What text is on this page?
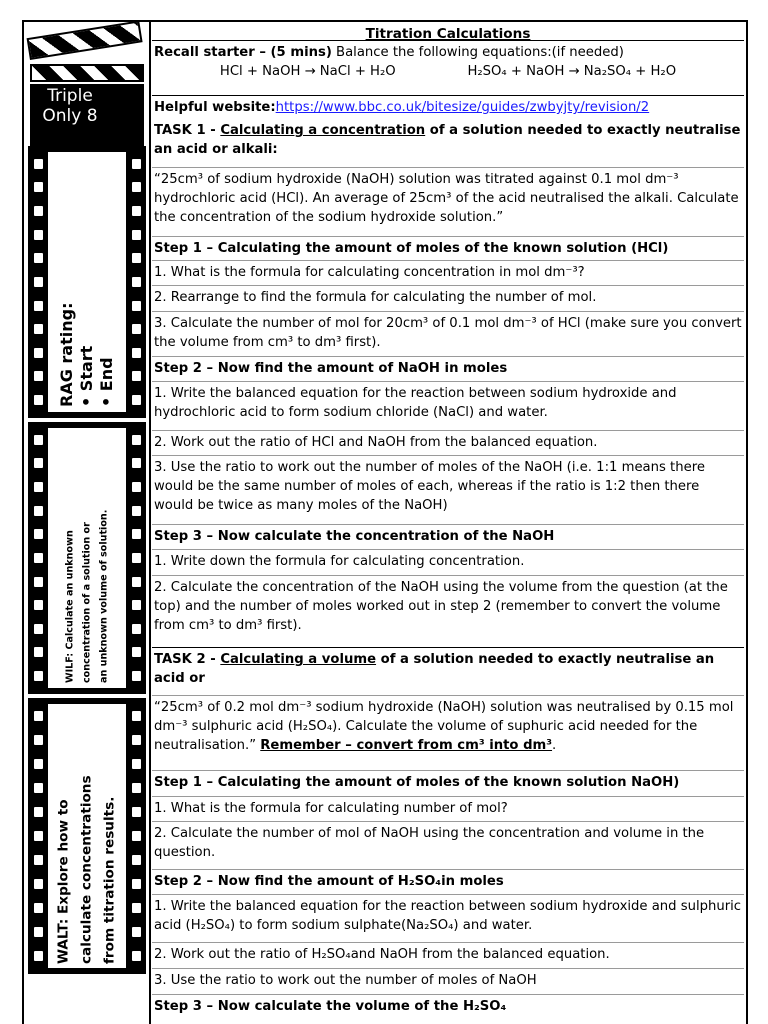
Triple
Only 8
RAG rating: • Start
• End
WILF: Calculate an unknown concentration of a solution or an unknown volume of solution.
WALT: Explore how to calculate concentrations from titration results.
Titration Calculations
Recall starter – (5 mins) Balance the following equations:(if needed)
HCl + NaOH → NaCl + H₂O	H₂SO₄ + NaOH → Na₂SO₄ + H₂O
Helpful website:https://www.bbc.co.uk/bitesize/guides/zwbyjty/revision/2
TASK 1 - Calculating a concentration of a solution needed to exactly neutralise an acid or alkali:
“25cm³ of sodium hydroxide (NaOH) solution was titrated against 0.1 mol dm⁻³ hydrochloric acid (HCl). An average of 25cm³ of the acid neutralised the alkali. Calculate the concentration of the sodium hydroxide solution.”
Step 1 – Calculating the amount of moles of the known solution (HCl)
1. What is the formula for calculating concentration in mol dm⁻³?
2. Rearrange to find the formula for calculating the number of mol.
3. Calculate the number of mol for 20cm³ of 0.1 mol dm⁻³ of HCl (make sure you convert the volume from cm³ to dm³ first).
Step 2 – Now find the amount of NaOH in moles
1. Write the balanced equation for the reaction between sodium hydroxide and hydrochloric acid to form sodium chloride (NaCl) and water.
2. Work out the ratio of HCl and NaOH from the balanced equation.
3. Use the ratio to work out the number of moles of the NaOH (i.e. 1:1 means there would be the same number of moles of each, whereas if the ratio is 1:2 then there would be twice as many moles of the NaOH)
Step 3 – Now calculate the concentration of the NaOH
1. Write down the formula for calculating concentration.
2. Calculate the concentration of the NaOH using the volume from the question (at the top) and the number of moles worked out in step 2 (remember to convert the volume from cm³ to dm³ first).
TASK 2 - Calculating a volume of a solution needed to exactly neutralise an acid or
“25cm³ of 0.2 mol dm⁻³ sodium hydroxide (NaOH) solution was neutralised by 0.15 mol dm⁻³ sulphuric acid (H₂SO₄). Calculate the volume of suphuric acid needed for the neutralisation.” Remember – convert from cm³ into dm³.
Step 1 – Calculating the amount of moles of the known solution NaOH)
1. What is the formula for calculating number of mol?
2. Calculate the number of mol of NaOH using the concentration and volume in the question.
Step 2 – Now find the amount of H₂SO₄in moles
1. Write the balanced equation for the reaction between sodium hydroxide and sulphuric acid (H₂SO₄) to form sodium sulphate(Na₂SO₄) and water.
2. Work out the ratio of H₂SO₄and NaOH from the balanced equation.
3. Use the ratio to work out the number of moles of NaOH
Step 3 – Now calculate the volume of the H₂SO₄
